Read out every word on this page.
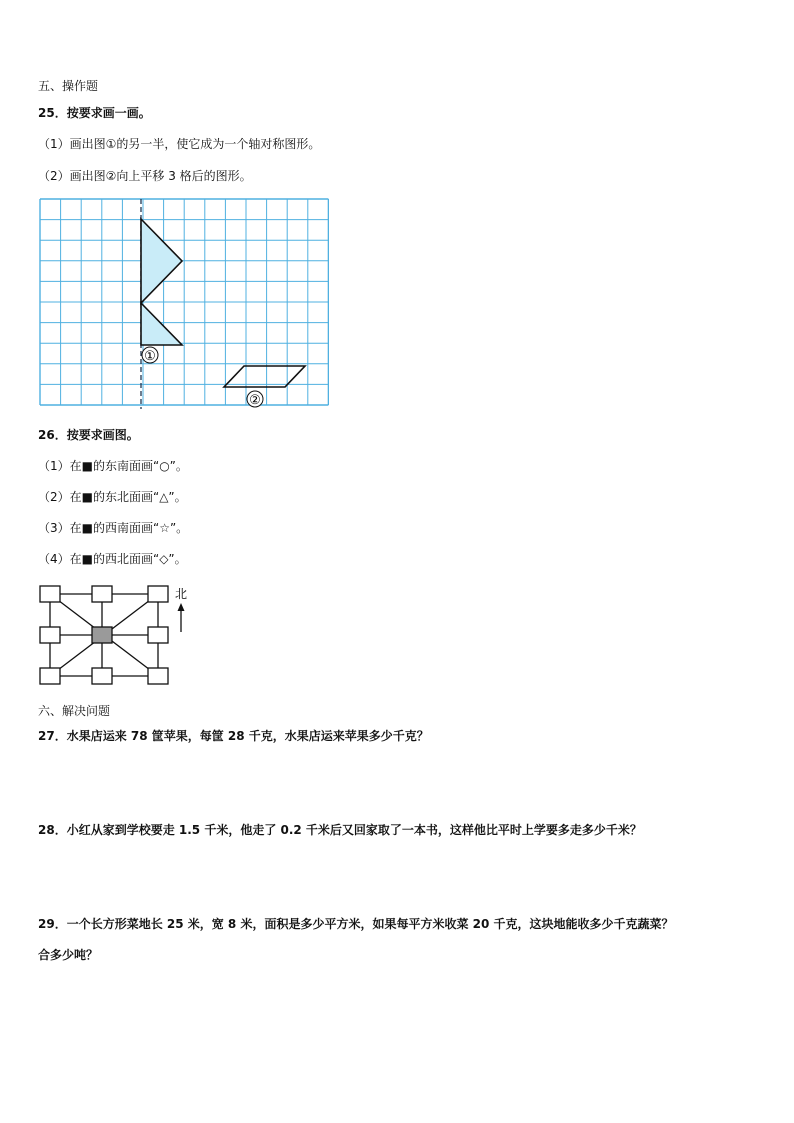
五、操作题
25．按要求画一画。
（1）画出图①的另一半，使它成为一个轴对称图形。
（2）画出图②向上平移 3 格后的图形。
①
②
26．按要求画图。
（1）在■的东南面画“○”。
（2）在■的东北面画“△”。
（3）在■的西南面画“☆”。
（4）在■的西北面画“◇”。
北
六、解决问题
27．水果店运来 78 筐苹果，每筐 28 千克，水果店运来苹果多少千克？
28．小红从家到学校要走 1.5 千米，他走了 0.2 千米后又回家取了一本书，这样他比平时上学要多走多少千米？
29．一个长方形菜地长 25 米，宽 8 米，面积是多少平方米，如果每平方米收菜 20 千克，这块地能收多少千克蔬菜？
合多少吨？
